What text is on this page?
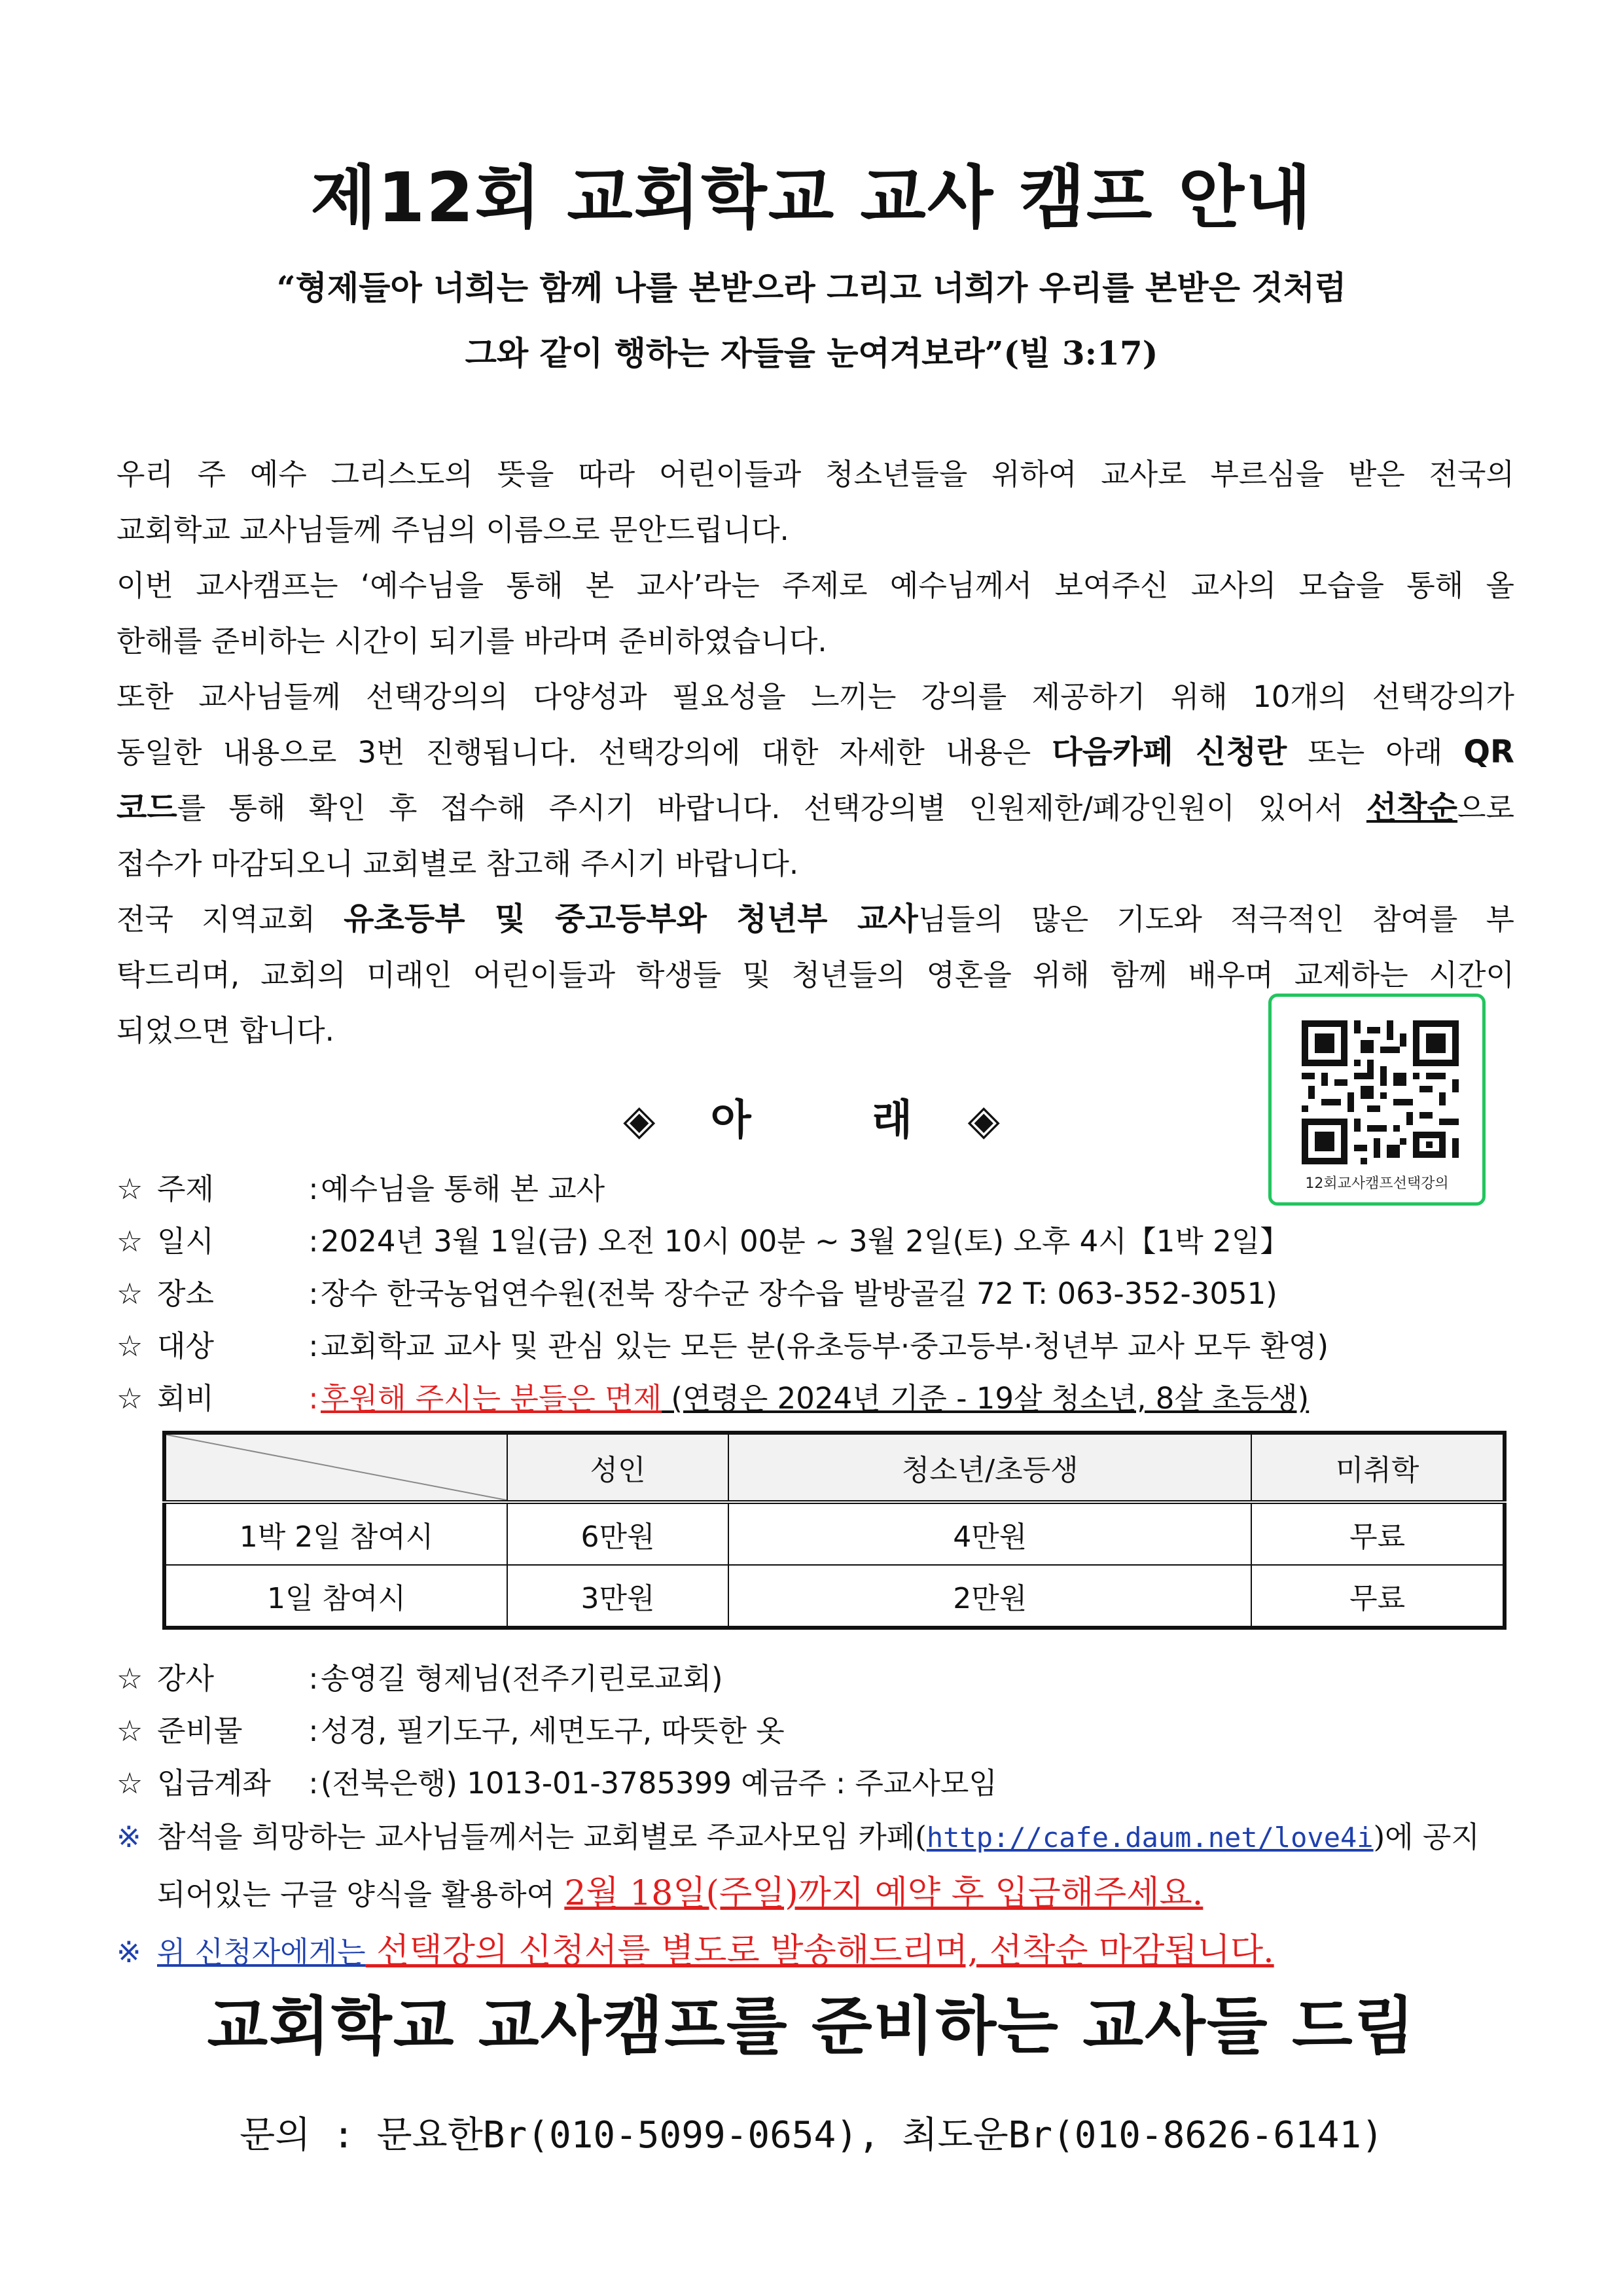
제12회 교회학교 교사 캠프 안내
“형제들아 너희는 함께 나를 본받으라 그리고 너희가 우리를 본받은 것처럼
그와 같이 행하는 자들을 눈여겨보라”(빌 3:17)
우리 주 예수 그리스도의 뜻을 따라 어린이들과 청소년들을 위하여 교사로 부르심을 받은 전국의
교회학교 교사님들께 주님의 이름으로 문안드립니다.
이번 교사캠프는 ‘예수님을 통해 본 교사’라는 주제로 예수님께서 보여주신 교사의 모습을 통해 올
한해를 준비하는 시간이 되기를 바라며 준비하였습니다.
또한 교사님들께 선택강의의 다양성과 필요성을 느끼는 강의를 제공하기 위해 10개의 선택강의가
동일한 내용으로 3번 진행됩니다. 선택강의에 대한 자세한 내용은 다음카페 신청란 또는 아래 QR
코드를 통해 확인 후 접수해 주시기 바랍니다. 선택강의별 인원제한/폐강인원이 있어서 선착순으로
접수가 마감되오니 교회별로 참고해 주시기 바랍니다.
전국 지역교회 유초등부 및 중고등부와 청년부 교사님들의 많은 기도와 적극적인 참여를 부
탁드리며, 교회의 미래인 어린이들과 학생들 및 청년들의 영혼을 위해 함께 배우며 교제하는 시간이
되었으면 합니다.
12회교사캠프선택강의
◈ 아	래 ◈
☆ 주제	:예수님을 통해 본 교사
☆ 일시	:2024년 3월 1일(금) 오전 10시 00분 ~ 3월 2일(토) 오후 4시【1박 2일】
☆ 장소	:장수 한국농업연수원(전북 장수군 장수읍 발방골길 72 T: 063-352-3051)
☆ 대상	:교회학교 교사 및 관심 있는 모든 분(유초등부·중고등부·청년부 교사 모두 환영)
☆ 회비	:후원해 주시는 분들은 면제 (연령은 2024년 기준 - 19살 청소년, 8살 초등생)
	성인	청소년/초등생	미취학
1박 2일 참여시	6만원	4만원	무료
1일 참여시	3만원	2만원	무료
☆ 강사	:송영길 형제님(전주기린로교회)
☆ 준비물 :성경, 필기도구, 세면도구, 따뜻한 옷
☆ 입금계좌 :(전북은행) 1013-01-3785399 예금주 : 주교사모임
※ 참석을 희망하는 교사님들께서는 교회별로 주교사모임 카페(http://cafe.daum.net/love4i)에 공지
되어있는 구글 양식을 활용하여 2월 18일(주일)까지 예약 후 입금해주세요.
※ 위 신청자에게는 선택강의 신청서를 별도로 발송해드리며, 선착순 마감됩니다.
교회학교 교사캠프를 준비하는 교사들 드림
문의 : 문요한Br(010-5099-0654), 최도운Br(010-8626-6141)
